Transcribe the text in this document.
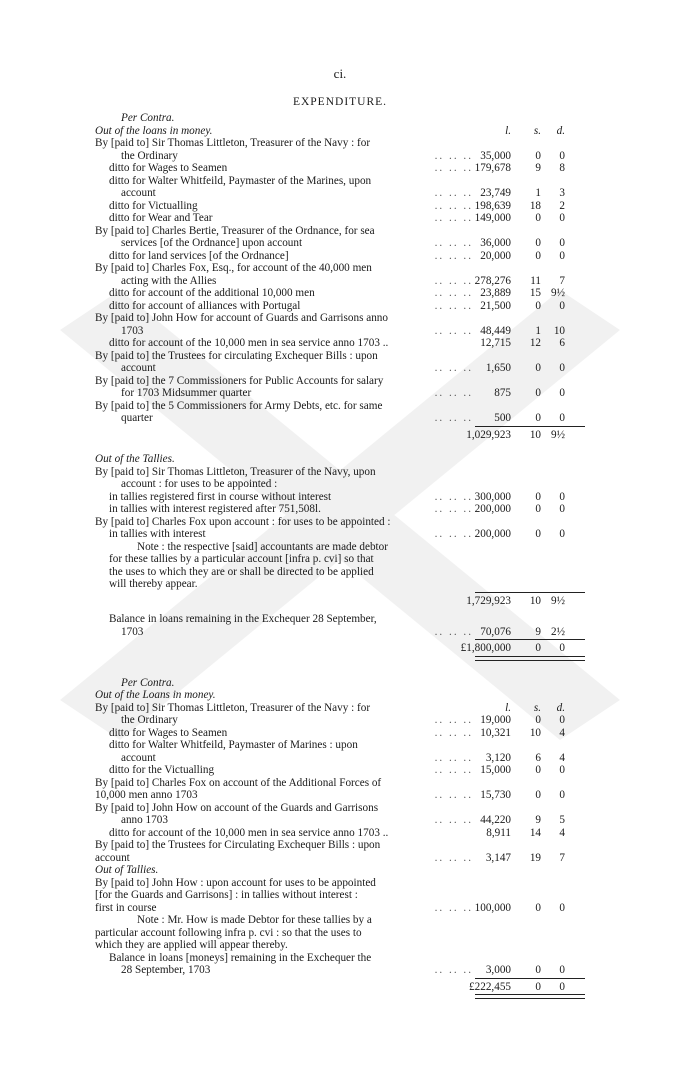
ci.
EXPENDITURE.
Per Contra.
Out of the loans in money.	l.	s.	d.
By [paid to] Sir Thomas Littleton, Treasurer of the Navy : for
the Ordinary	.. .. .. 35,000	0	0
ditto for Wages to Seamen	.. .. .. 179,678	9	8
ditto for Walter Whitfeild, Paymaster of the Marines, upon
account	.. .. .. 23,749	1	3
ditto for Victualling	.. .. .. 198,639	18	2
ditto for Wear and Tear	.. .. .. 149,000	0	0
By [paid to] Charles Bertie, Treasurer of the Ordnance, for sea
services [of the Ordnance] upon account	.. .. .. 36,000	0	0
ditto for land services [of the Ordnance]	.. .. .. 20,000	0	0
By [paid to] Charles Fox, Esq., for account of the 40,000 men
acting with the Allies	.. .. .. 278,276	11	7
ditto for account of the additional 10,000 men	.. .. .. 23,889	15 9½
ditto for account of alliances with Portugal	.. .. .. 21,500	0	0
By [paid to] John How for account of Guards and Garrisons anno
1703	.. .. .. 48,449	1	10
ditto for account of the 10,000 men in sea service anno 1703 ..	12,715	12	6
By [paid to] the Trustees for circulating Exchequer Bills : upon
account	.. .. .. 1,650	0	0
By [paid to] the 7 Commissioners for Public Accounts for salary
for 1703 Midsummer quarter	.. .. .. 875	0	0
By [paid to] the 5 Commissioners for Army Debts, etc. for same
quarter	.. .. .. 500	0	0
1,029,923	10 9½
Out of the Tallies.
By [paid to] Sir Thomas Littleton, Treasurer of the Navy, upon
account : for uses to be appointed :
in tallies registered first in course without interest	.. .. .. 300,000	0	0
in tallies with interest registered after 751,508l.	.. .. .. 200,000	0	0
By [paid to] Charles Fox upon account : for uses to be appointed :
in tallies with interest	.. .. .. 200,000	0	0
Note : the respective [said] accountants are made debtor
for these tallies by a particular account [infra p. cvi] so that
the uses to which they are or shall be directed to be applied
will thereby appear.
1,729,923	10 9½
Balance in loans remaining in the Exchequer 28 September,
1703	.. .. .. 70,076	9 2½
£1,800,000	0	0
Per Contra.
Out of the Loans in money.
By [paid to] Sir Thomas Littleton, Treasurer of the Navy : for	l.	s.	d.
the Ordinary	.. .. .. 19,000	0	0
ditto for Wages to Seamen	.. .. .. 10,321	10	4
ditto for Walter Whitfeild, Paymaster of Marines : upon
account	.. .. .. 3,120	6	4
ditto for the Victualling	.. .. .. 15,000	0	0
By [paid to] Charles Fox on account of the Additional Forces of
10,000 men anno 1703	.. .. .. 15,730	0	0
By [paid to] John How on account of the Guards and Garrisons
anno 1703	.. .. .. 44,220	9	5
ditto for account of the 10,000 men in sea service anno 1703 ..	8,911	14	4
By [paid to] the Trustees for Circulating Exchequer Bills : upon
account	.. .. .. 3,147	19	7
Out of Tallies.
By [paid to] John How : upon account for uses to be appointed
[for the Guards and Garrisons] : in tallies without interest :
first in course	.. .. .. 100,000	0	0
Note : Mr. How is made Debtor for these tallies by a
particular account following infra p. cvi : so that the uses to
which they are applied will appear thereby.
Balance in loans [moneys] remaining in the Exchequer the
28 September, 1703	.. .. .. 3,000	0	0
£222,455	0	0
